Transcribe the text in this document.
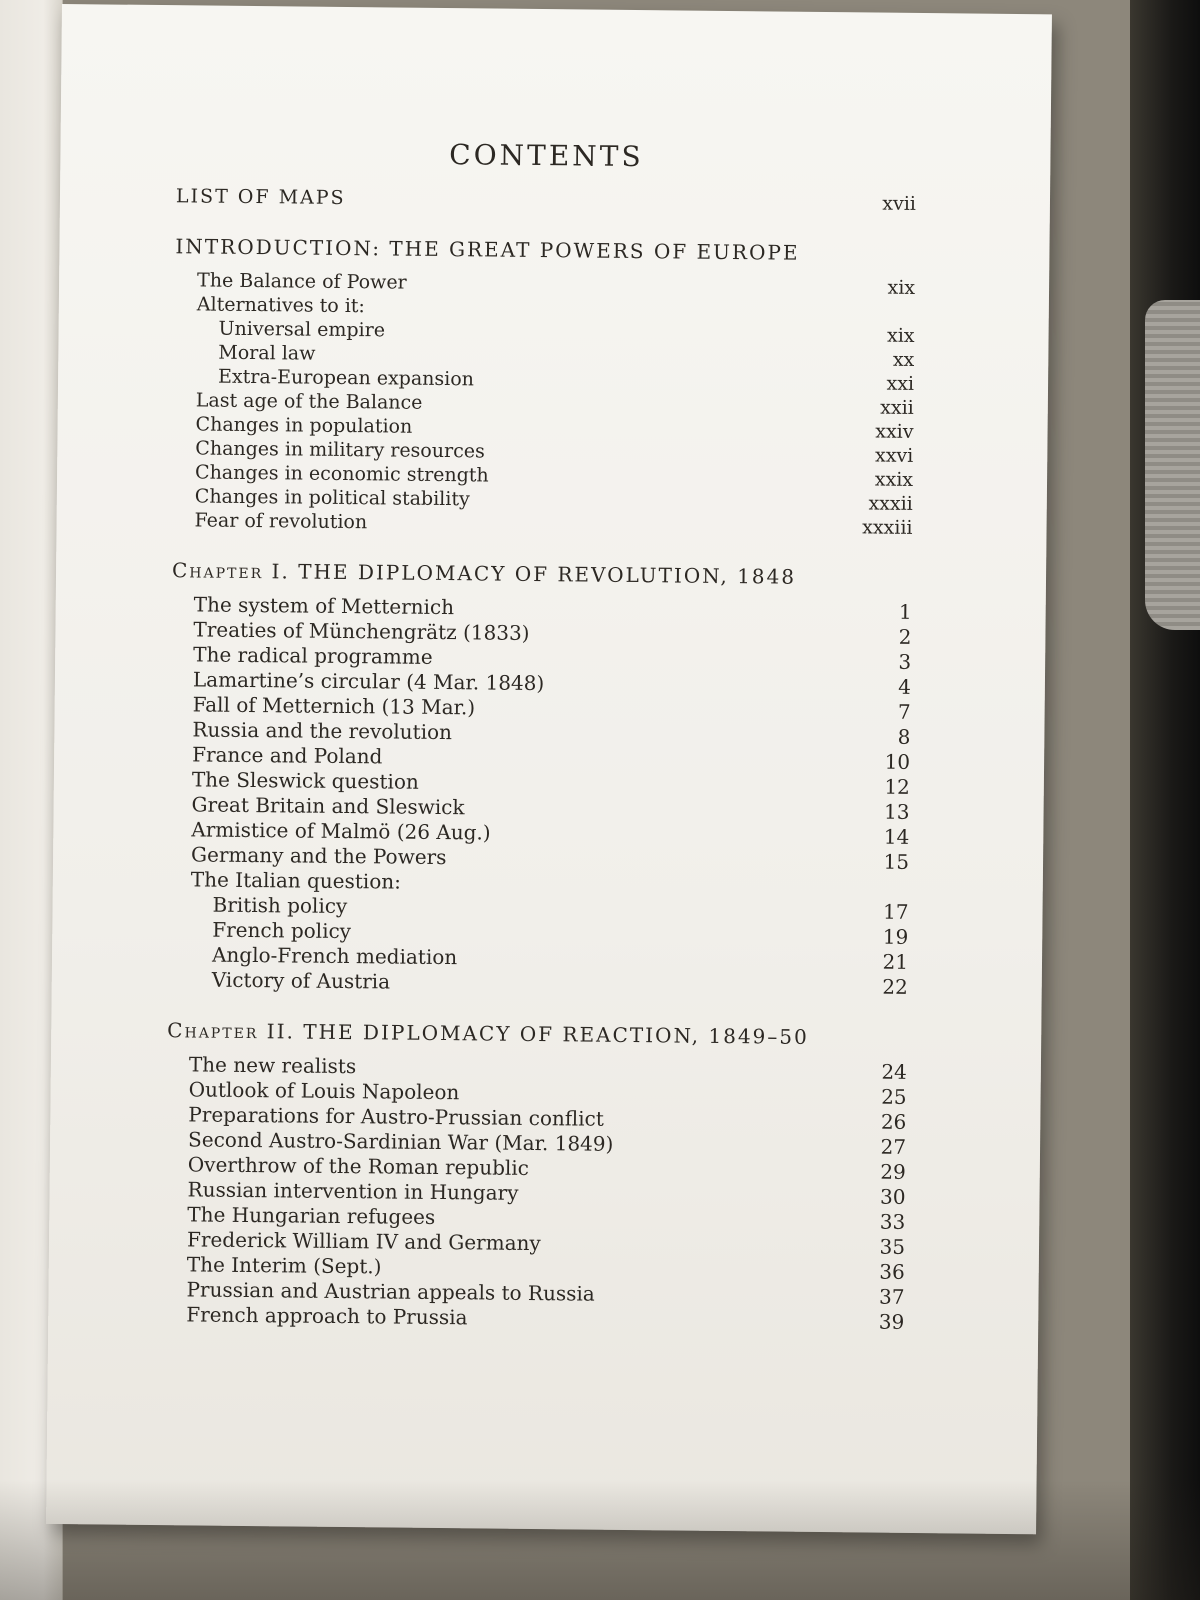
CONTENTS
LIST OF MAPS	xvii
INTRODUCTION: THE GREAT POWERS OF EUROPE
The Balance of Power	xix
Alternatives to it:
Universal empire	xix
Moral law	xx
Extra-European expansion	xxi
Last age of the Balance	xxii
Changes in population	xxiv
Changes in military resources	xxvi
Changes in economic strength	xxix
Changes in political stability	xxxii
Fear of revolution	xxxiii
Chapter I. THE DIPLOMACY OF REVOLUTION, 1848
The system of Metternich	1
Treaties of Münchengrätz (1833)	2
The radical programme	3
Lamartine’s circular (4 Mar. 1848)	4
Fall of Metternich (13 Mar.)	7
Russia and the revolution	8
France and Poland	10
The Sleswick question	12
Great Britain and Sleswick	13
Armistice of Malmö (26 Aug.)	14
Germany and the Powers	15
The Italian question:
British policy	17
French policy	19
Anglo-French mediation	21
Victory of Austria	22
Chapter II. THE DIPLOMACY OF REACTION, 1849–50
The new realists	24
Outlook of Louis Napoleon	25
Preparations for Austro-Prussian conflict	26
Second Austro-Sardinian War (Mar. 1849)	27
Overthrow of the Roman republic	29
Russian intervention in Hungary	30
The Hungarian refugees	33
Frederick William IV and Germany	35
The Interim (Sept.)	36
Prussian and Austrian appeals to Russia	37
French approach to Prussia	39
